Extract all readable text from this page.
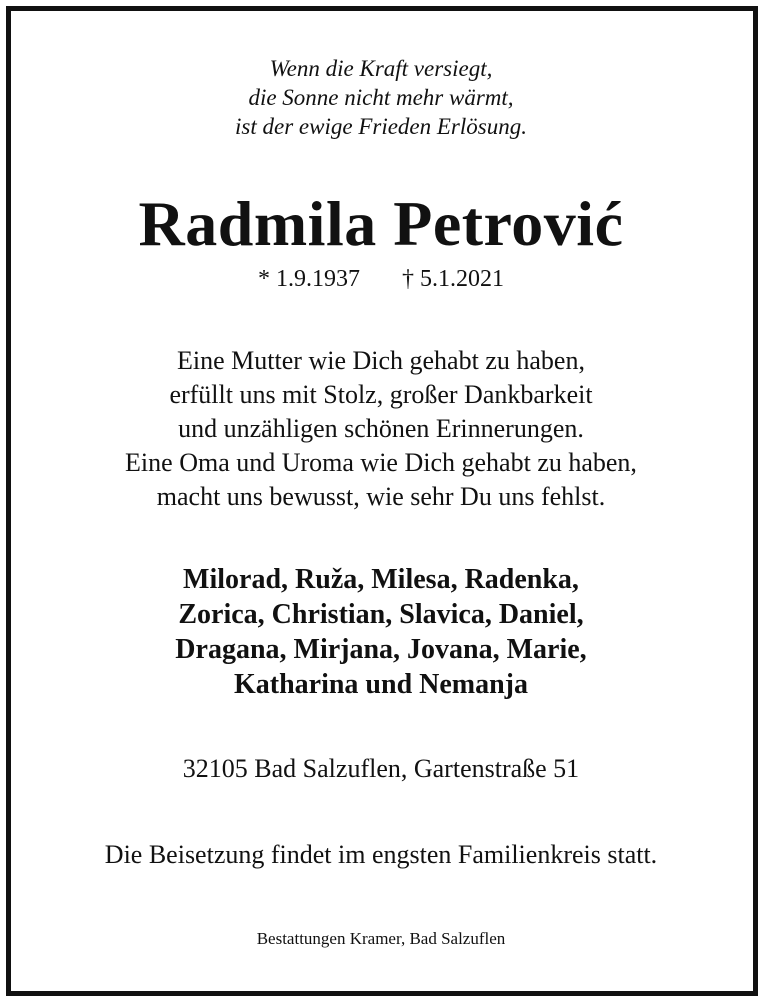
Wenn die Kraft versiegt,
die Sonne nicht mehr wärmt,
ist der ewige Frieden Erlösung.
Radmila Petrović
* 1.9.1937 † 5.1.2021
Eine Mutter wie Dich gehabt zu haben,
erfüllt uns mit Stolz, großer Dankbarkeit
und unzähligen schönen Erinnerungen.
Eine Oma und Uroma wie Dich gehabt zu haben,
macht uns bewusst, wie sehr Du uns fehlst.
Milorad, Ruža, Milesa, Radenka,
Zorica, Christian, Slavica, Daniel,
Dragana, Mirjana, Jovana, Marie,
Katharina und Nemanja
32105 Bad Salzuflen, Gartenstraße 51
Die Beisetzung findet im engsten Familienkreis statt.
Bestattungen Kramer, Bad Salzuflen
